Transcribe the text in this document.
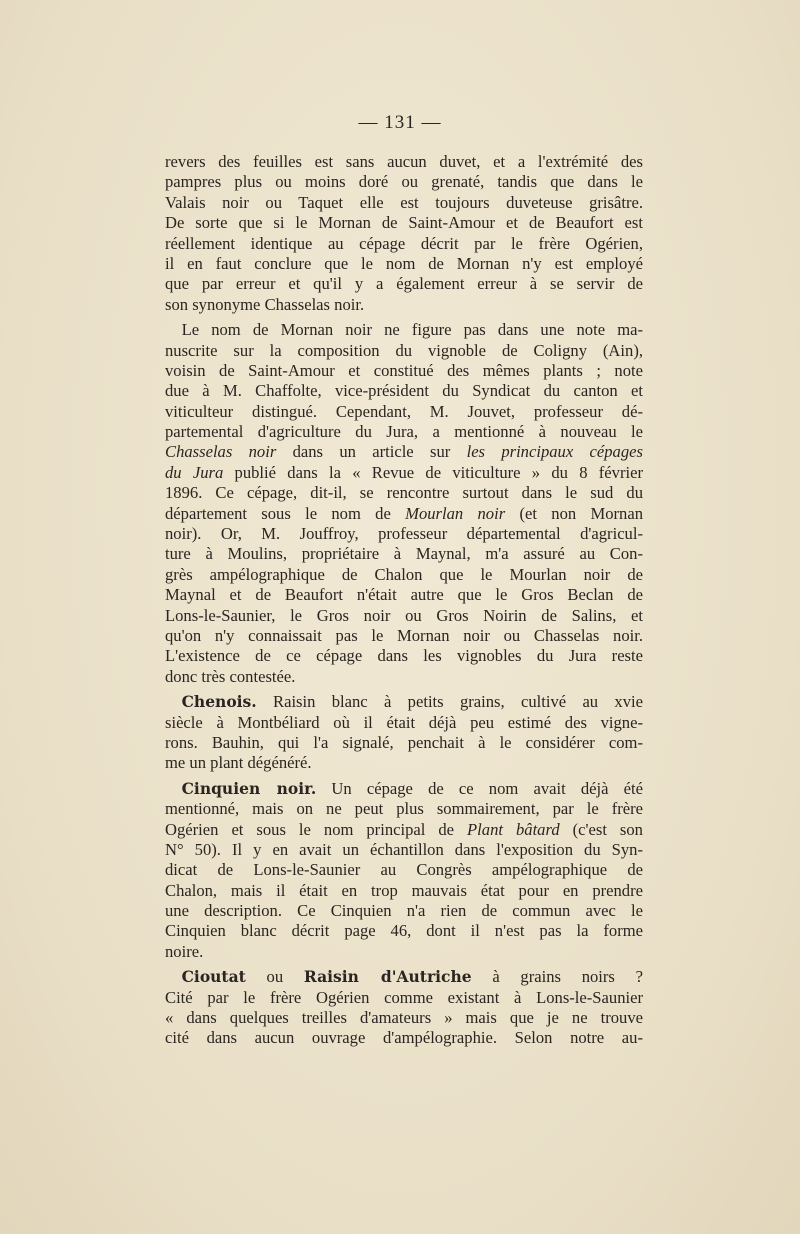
— 131 —
revers des feuilles est sans aucun duvet, et a l'extrémité des
pampres plus ou moins doré ou grenaté, tandis que dans le
Valais noir ou Taquet elle est toujours duveteuse grisâtre.
De sorte que si le Mornan de Saint-Amour et de Beaufort est
réellement identique au cépage décrit par le frère Ogérien,
il en faut conclure que le nom de Mornan n'y est employé
que par erreur et qu'il y a également erreur à se servir de
son synonyme Chasselas noir.
 Le nom de Mornan noir ne figure pas dans une note ma-
nuscrite sur la composition du vignoble de Coligny (Ain),
voisin de Saint-Amour et constitué des mêmes plants ; note
due à M. Chaffolte, vice-président du Syndicat du canton et
viticulteur distingué. Cependant, M. Jouvet, professeur dé-
partemental d'agriculture du Jura, a mentionné à nouveau le
Chasselas noir dans un article sur les principaux cépages
du Jura publié dans la « Revue de viticulture » du 8 février
1896. Ce cépage, dit-il, se rencontre surtout dans le sud du
département sous le nom de Mourlan noir (et non Mornan
noir). Or, M. Jouffroy, professeur départemental d'agricul-
ture à Moulins, propriétaire à Maynal, m'a assuré au Con-
grès ampélographique de Chalon que le Mourlan noir de
Maynal et de Beaufort n'était autre que le Gros Beclan de
Lons-le-Saunier, le Gros noir ou Gros Noirin de Salins, et
qu'on n'y connaissait pas le Mornan noir ou Chasselas noir.
L'existence de ce cépage dans les vignobles du Jura reste
donc très contestée.
 Chenois. Raisin blanc à petits grains, cultivé au xvie
siècle à Montbéliard où il était déjà peu estimé des vigne-
rons. Bauhin, qui l'a signalé, penchait à le considérer com-
me un plant dégénéré.
 Cinquien noir. Un cépage de ce nom avait déjà été
mentionné, mais on ne peut plus sommairement, par le frère
Ogérien et sous le nom principal de Plant bâtard (c'est son
N° 50). Il y en avait un échantillon dans l'exposition du Syn-
dicat de Lons-le-Saunier au Congrès ampélographique de
Chalon, mais il était en trop mauvais état pour en prendre
une description. Ce Cinquien n'a rien de commun avec le
Cinquien blanc décrit page 46, dont il n'est pas la forme
noire.
 Cioutat ou Raisin d'Autriche à grains noirs ?
Cité par le frère Ogérien comme existant à Lons-le-Saunier
« dans quelques treilles d'amateurs » mais que je ne trouve
cité dans aucun ouvrage d'ampélographie. Selon notre au-
